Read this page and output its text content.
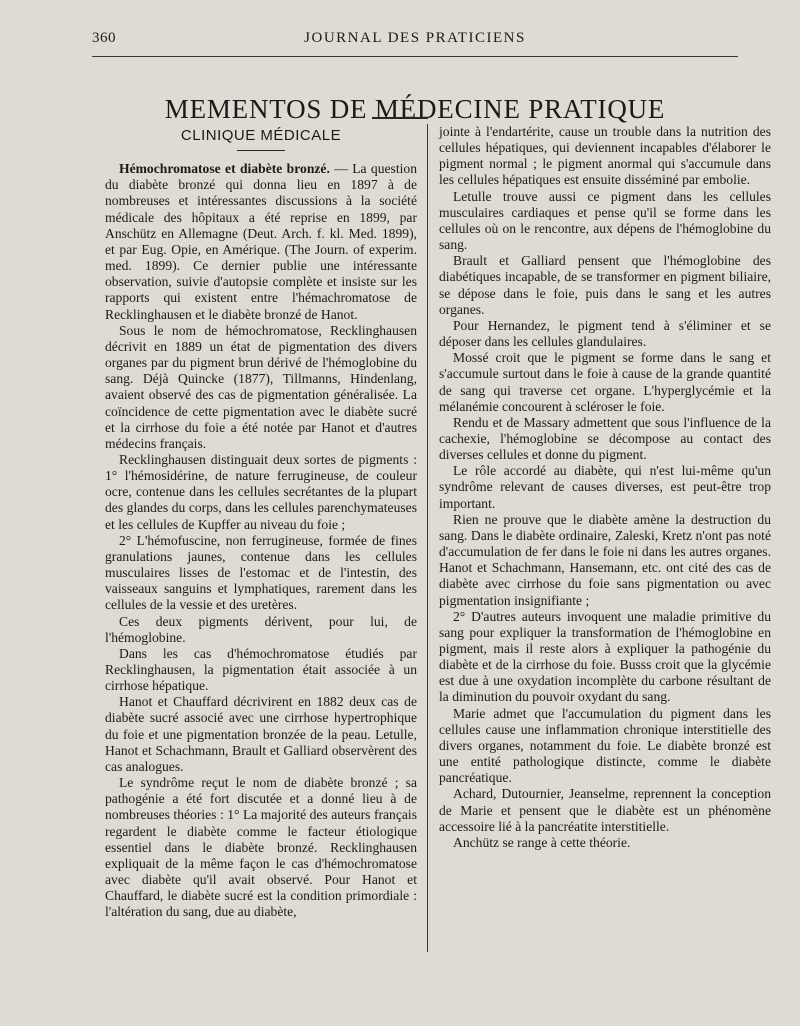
360	JOURNAL DES PRATICIENS
MEMENTOS DE MÉDECINE PRATIQUE
CLINIQUE MÉDICALE

Hémochromatose et diabète bronzé. — La question du diabète bronzé qui donna lieu en 1897 à de nombreuses et intéressantes discussions à la société médicale des hôpitaux a été reprise en 1899, par Anschütz en Allemagne (Deut. Arch. f. kl. Med. 1899), et par Eug. Opie, en Amérique. (The Journ. of experim. med. 1899). Ce dernier publie une intéressante observation, suivie d'autopsie complète et insiste sur les rapports qui existent entre l'hémachromatose de Recklinghausen et le diabète bronzé de Hanot.

Sous le nom de hémochromatose, Recklinghausen décrivit en 1889 un état de pigmentation des divers organes par du pigment brun dérivé de l'hémoglobine du sang. Déjà Quincke (1877), Tillmanns, Hindenlang, avaient observé des cas de pigmentation généralisée. La coïncidence de cette pigmentation avec le diabète sucré et la cirrhose du foie a été notée par Hanot et d'autres médecins français.

Recklinghausen distinguait deux sortes de pigments : 1° l'hémosidérine, de nature ferrugineuse, de couleur ocre, contenue dans les cellules secrétantes de la plupart des glandes du corps, dans les cellules parenchymateuses et les cellules de Kupffer au niveau du foie ;

2° L'hémofuscine, non ferrugineuse, formée de fines granulations jaunes, contenue dans les cellules musculaires lisses de l'estomac et de l'intestin, des vaisseaux sanguins et lymphatiques, rarement dans les cellules de la vessie et des uretères.

Ces deux pigments dérivent, pour lui, de l'hémoglobine.

Dans les cas d'hémochromatose étudiés par Recklinghausen, la pigmentation était associée à un cirrhose hépatique.

Hanot et Chauffard décrivirent en 1882 deux cas de diabète sucré associé avec une cirrhose hypertrophique du foie et une pigmentation bronzée de la peau. Letulle, Hanot et Schachmann, Brault et Galliard observèrent des cas analogues.

Le syndrôme reçut le nom de diabète bronzé ; sa pathogénie a été fort discutée et a donné lieu à de nombreuses théories : 1° La majorité des auteurs français regardent le diabète comme le facteur étiologique essentiel dans le diabète bronzé. Recklinghausen expliquait de la même façon le cas d'hémochromatose avec diabète qu'il avait observé. Pour Hanot et Chauffard, le diabète sucré est la condition primordiale : l'altération du sang, due au diabète,

jointe à l'endartérite, cause un trouble dans la nutrition des cellules hépatiques, qui deviennent incapables d'élaborer le pigment normal ; le pigment anormal qui s'accumule dans les cellules hépatiques est ensuite disséminé par embolie.

Letulle trouve aussi ce pigment dans les cellules musculaires cardiaques et pense qu'il se forme dans les cellules où on le rencontre, aux dépens de l'hémoglobine du sang.

Brault et Galliard pensent que l'hémoglobine des diabétiques incapable, de se transformer en pigment biliaire, se dépose dans le foie, puis dans le sang et les autres organes.

Pour Hernandez, le pigment tend à s'éliminer et se déposer dans les cellules glandulaires.

Mossé croit que le pigment se forme dans le sang et s'accumule surtout dans le foie à cause de la grande quantité de sang qui traverse cet organe. L'hyperglycémie et la mélanémie concourent à scléroser le foie.

Rendu et de Massary admettent que sous l'influence de la cachexie, l'hémoglobine se décompose au contact des diverses cellules et donne du pigment.

Le rôle accordé au diabète, qui n'est lui-même qu'un syndrôme relevant de causes diverses, est peut-être trop important.

Rien ne prouve que le diabète amène la destruction du sang. Dans le diabète ordinaire, Zaleski, Kretz n'ont pas noté d'accumulation de fer dans le foie ni dans les autres organes. Hanot et Schachmann, Hansemann, etc. ont cité des cas de diabète avec cirrhose du foie sans pigmentation ou avec pigmentation insignifiante ;

2° D'autres auteurs invoquent une maladie primitive du sang pour expliquer la transformation de l'hémoglobine en pigment, mais il reste alors à expliquer la pathogénie du diabète et de la cirrhose du foie. Busss croit que la glycémie est due à une oxydation incomplète du carbone résultant de la diminution du pouvoir oxydant du sang.

Marie admet que l'accumulation du pigment dans les cellules cause une inflammation chronique interstitielle des divers organes, notamment du foie. Le diabète bronzé est une entité pathologique distincte, comme le diabète pancréatique.

Achard, Dutournier, Jeanselme, reprennent la conception de Marie et pensent que le diabète est un phénomène accessoire lié à la pancréatite interstitielle.

Anchütz se range à cette théorie.
